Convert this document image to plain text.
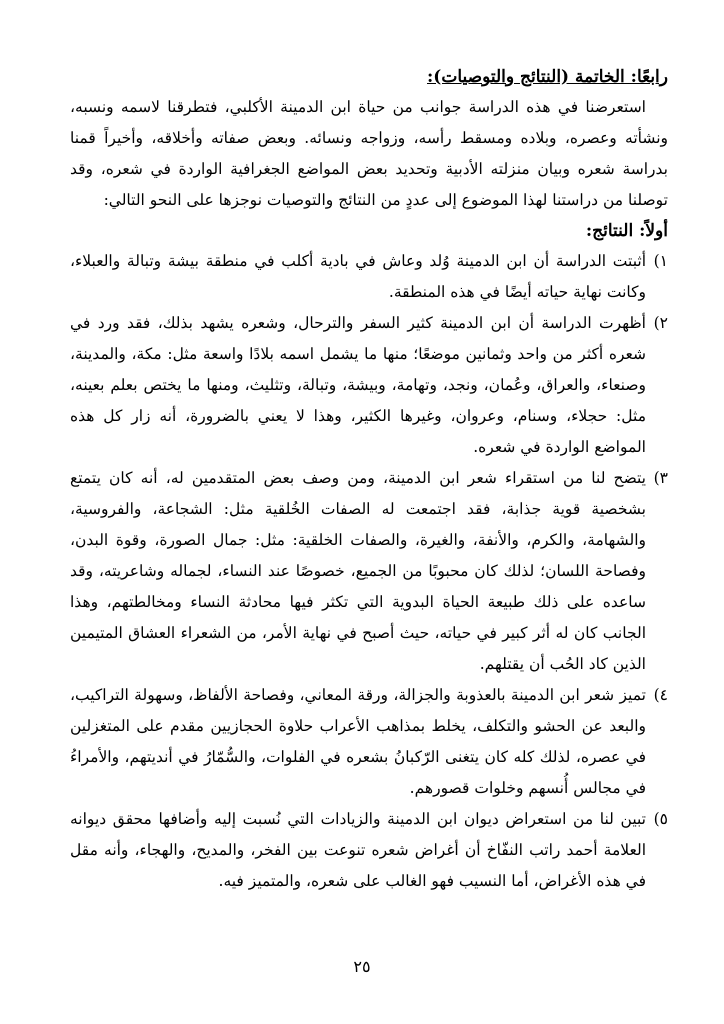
رابعًا: الخاتمة (النتائج والتوصيات):

استعرضنا في هذه الدراسة جوانب من حياة ابن الدمينة الأكلبي، فتطرقنا لاسمه ونسبه، ونشأته وعصره، وبلاده ومسقط رأسه، وزواجه ونسائه. وبعض صفاته وأخلاقه، وأخيراً قمنا بدراسة شعره وبيان منزلته الأدبية وتحديد بعض المواضع الجغرافية الواردة في شعره، وقد توصلنا من دراستنا لهذا الموضوع إلى عددٍ من النتائج والتوصيات نوجزها على النحو التالي:

أولاً: النتائج:
١)

أثبتت الدراسة أن ابن الدمينة وُلد وعاش في بادية أكلب في منطقة بيشة وتبالة والعبلاء، وكانت نهاية حياته أيضًا في هذه المنطقة.

٢)

أظهرت الدراسة أن ابن الدمينة كثير السفر والترحال، وشعره يشهد بذلك، فقد ورد في شعره أكثر من واحد وثمانين موضعًا؛ منها ما يشمل اسمه بلادًا واسعة مثل: مكة، والمدينة، وصنعاء، والعراق، وعُمان، ونجد، وتهامة، وبيشة، وتبالة، وتثليث، ومنها ما يختص بعلم بعينه، مثل: حجلاء، وسنام، وعروان، وغيرها الكثير، وهذا لا يعني بالضرورة، أنه زار كل هذه المواضع الواردة في شعره.

٣)

يتضح لنا من استقراء شعر ابن الدمينة، ومن وصف بعض المتقدمين له، أنه كان يتمتع بشخصية قوية جذابة، فقد اجتمعت له الصفات الخُلقية مثل: الشجاعة، والفروسية، والشهامة، والكرم، والأنفة، والغيرة، والصفات الخلقية: مثل: جمال الصورة، وقوة البدن، وفصاحة اللسان؛ لذلك كان محبوبًا من الجميع، خصوصًا عند النساء، لجماله وشاعريته، وقد ساعده على ذلك طبيعة الحياة البدوية التي تكثر فيها محادثة النساء ومخالطتهم، وهذا الجانب كان له أثر كبير في حياته، حيث أصبح في نهاية الأمر، من الشعراء العشاق المتيمين الذين كاد الحُب أن يقتلهم.

٤)

تميز شعر ابن الدمينة بالعذوبة والجزالة، ورقة المعاني، وفصاحة الألفاظ، وسهولة التراكيب، والبعد عن الحشو والتكلف، يخلط بمذاهب الأعراب حلاوة الحجازيين مقدم على المتغزلين في عصره، لذلك كله كان يتغنى الرّكبانُ بشعره في الفلوات، والسُّمّارُ في أنديتهم، والأمراءُ في مجالس أُنسهم وخلوات قصورهم.

٥)

تبين لنا من استعراض ديوان ابن الدمينة والزيادات التي نُسبت إليه وأضافها محقق ديوانه العلامة أحمد راتب النفّاخ أن أغراض شعره تنوعت بين الفخر، والمديح، والهجاء، وأنه مقل في هذه الأغراض، أما النسيب فهو الغالب على شعره، والمتميز فيه.

٢٥
